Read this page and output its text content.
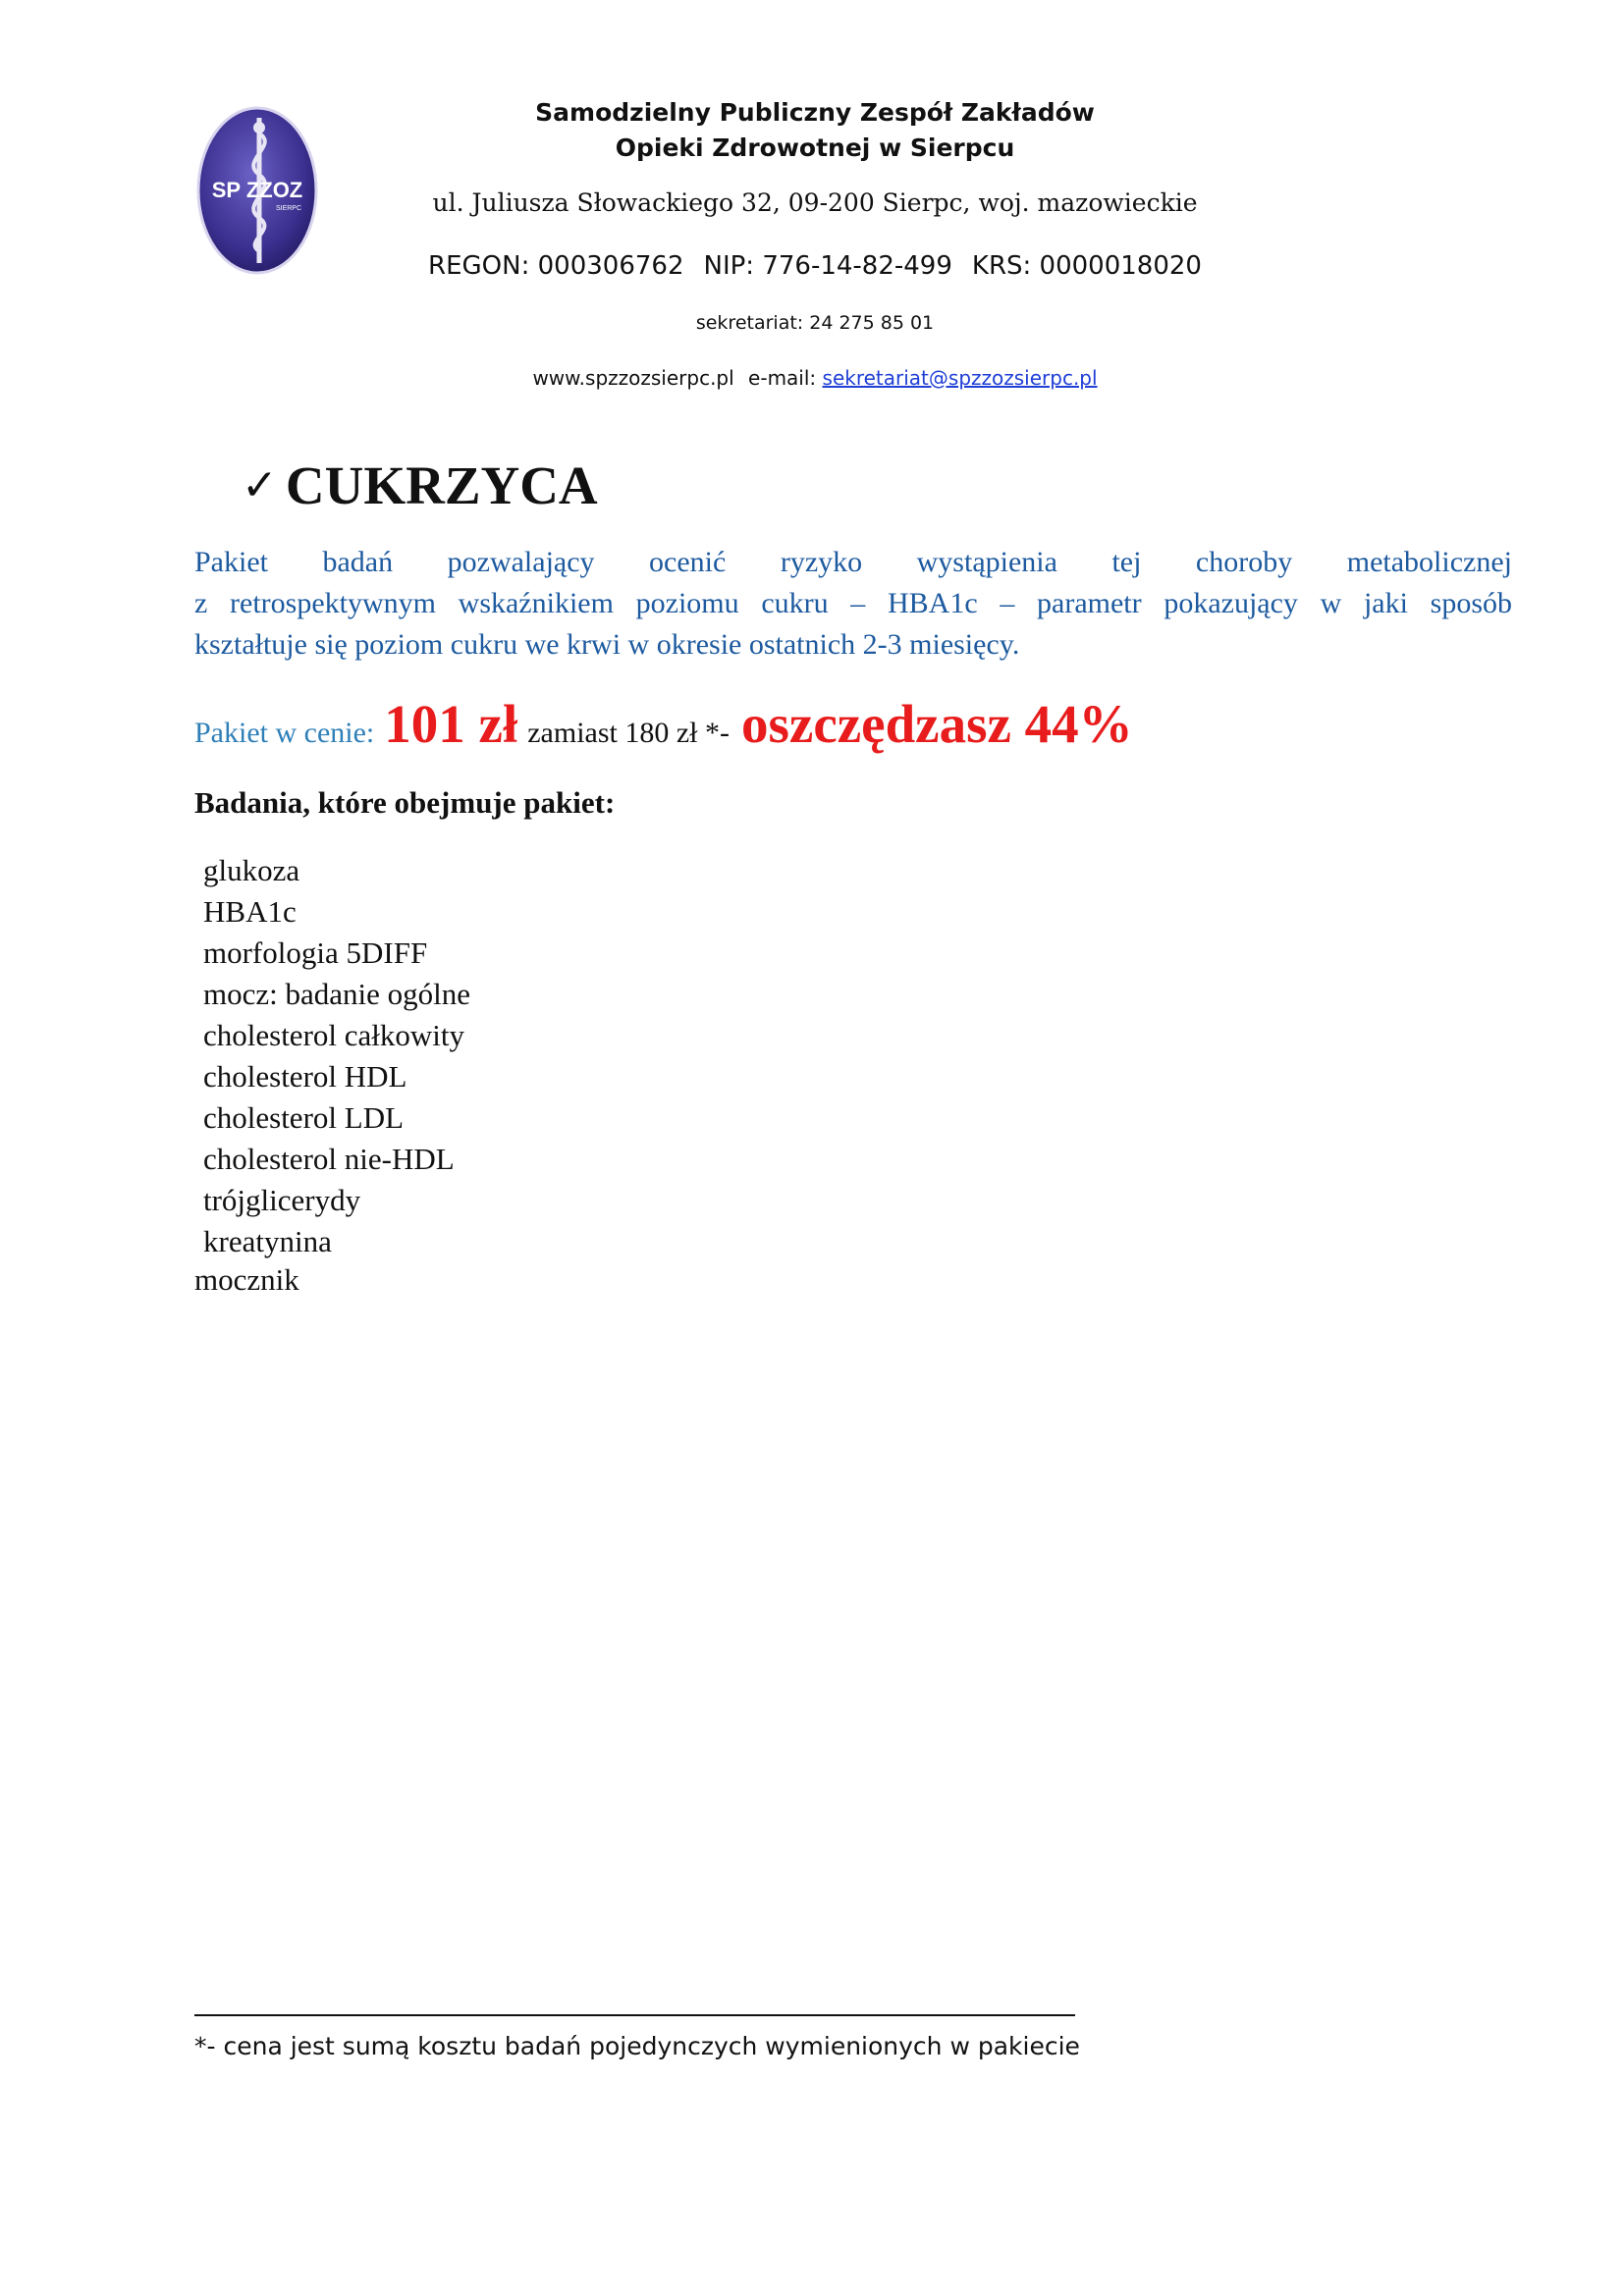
SP ZZOZ
SIERPC
Samodzielny Publiczny Zespół Zakładów
Opieki Zdrowotnej w Sierpcu
ul. Juliusza Słowackiego 32, 09-200 Sierpc, woj. mazowieckie
REGON: 000306762 NIP: 776-14-82-499 KRS: 0000018020
sekretariat: 24 275 85 01
www.spzzozsierpc.pl e-mail: sekretariat@spzzozsierpc.pl
✓ CUKRZYCA
Pakiet badań pozwalający ocenić ryzyko wystąpienia tej choroby metabolicznej
z retrospektywnym wskaźnikiem poziomu cukru – HBA1c – parametr pokazujący w jaki sposób
kształtuje się poziom cukru we krwi w okresie ostatnich 2-3 miesięcy.
Pakiet w cenie: 101 zł zamiast 180 zł *- oszczędzasz 44%
Badania, które obejmuje pakiet:
glukoza
HBA1c
morfologia 5DIFF
mocz: badanie ogólne
cholesterol całkowity
cholesterol HDL
cholesterol LDL
cholesterol nie-HDL
trójglicerydy
kreatynina
mocznik
*- cena jest sumą kosztu badań pojedynczych wymienionych w pakiecie
